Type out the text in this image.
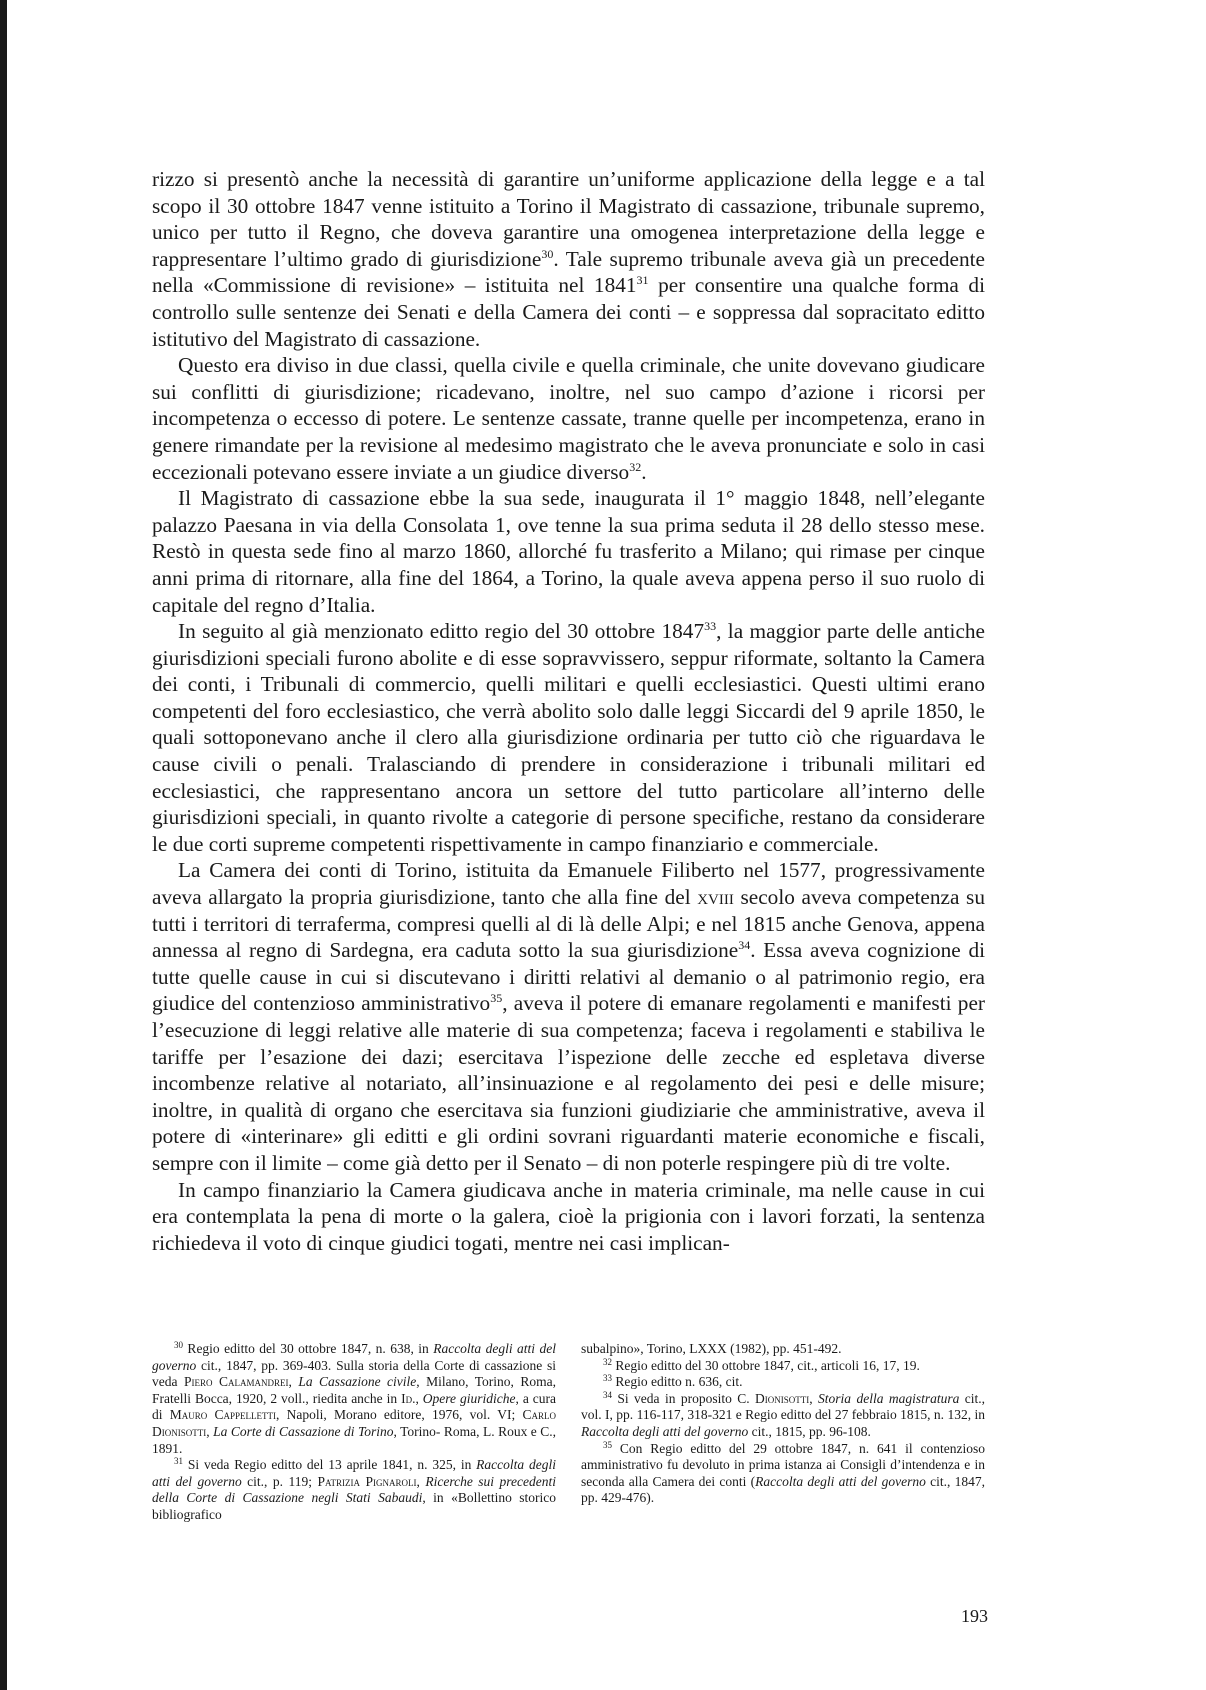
rizzo si presentò anche la necessità di garantire un’uniforme applicazione della legge e a tal scopo il 30 ottobre 1847 venne istituito a Torino il Magistrato di cassazione, tribunale supremo, unico per tutto il Regno, che doveva garantire una omogenea interpretazione della legge e rappresentare l’ultimo grado di giurisdizione$^{30}$. Tale supremo tribunale aveva già un precedente nella «Commissione di revisione» – istituita nel 1841$^{31}$ per consentire una qualche forma di controllo sulle sentenze dei Senati e della Camera dei conti – e soppressa dal sopracitato editto istitutivo del Magistrato di cassazione.

Questo era diviso in due classi, quella civile e quella criminale, che unite dovevano giudicare sui conflitti di giurisdizione; ricadevano, inoltre, nel suo campo d’azione i ricorsi per incompetenza o eccesso di potere. Le sentenze cassate, tranne quelle per incompetenza, erano in genere rimandate per la revisione al medesimo magistrato che le aveva pronunciate e solo in casi eccezionali potevano essere inviate a un giudice diverso$^{32}$.

Il Magistrato di cassazione ebbe la sua sede, inaugurata il 1° maggio 1848, nell’elegante palazzo Paesana in via della Consolata 1, ove tenne la sua prima seduta il 28 dello stesso mese. Restò in questa sede fino al marzo 1860, allorché fu trasferito a Milano; qui rimase per cinque anni prima di ritornare, alla fine del 1864, a Torino, la quale aveva appena perso il suo ruolo di capitale del regno d’Italia.

In seguito al già menzionato editto regio del 30 ottobre 1847$^{33}$, la maggior parte delle antiche giurisdizioni speciali furono abolite e di esse sopravvissero, seppur riformate, soltanto la Camera dei conti, i Tribunali di commercio, quelli militari e quelli ecclesiastici. Questi ultimi erano competenti del foro ecclesiastico, che verrà abolito solo dalle leggi Siccardi del 9 aprile 1850, le quali sottoponevano anche il clero alla giurisdizione ordinaria per tutto ciò che riguardava le cause civili o penali. Tralasciando di prendere in considerazione i tribunali militari ed ecclesiastici, che rappresentano ancora un settore del tutto particolare all’interno delle giurisdizioni speciali, in quanto rivolte a categorie di persone specifiche, restano da considerare le due corti supreme competenti rispettivamente in campo finanziario e commerciale.

La Camera dei conti di Torino, istituita da Emanuele Filiberto nel 1577, progressivamente aveva allargato la propria giurisdizione, tanto che alla fine del xviii secolo aveva competenza su tutti i territori di terraferma, compresi quelli al di là delle Alpi; e nel 1815 anche Genova, appena annessa al regno di Sardegna, era caduta sotto la sua giurisdizione$^{34}$. Essa aveva cognizione di tutte quelle cause in cui si discutevano i diritti relativi al demanio o al patrimonio regio, era giudice del contenzioso amministrativo$^{35}$, aveva il potere di emanare regolamenti e manifesti per l’esecuzione di leggi relative alle materie di sua competenza; faceva i regolamenti e stabiliva le tariffe per l’esazione dei dazi; esercitava l’ispezione delle zecche ed espletava diverse incombenze relative al notariato, all’insinuazione e al regolamento dei pesi e delle misure; inoltre, in qualità di organo che esercitava sia funzioni giudiziarie che amministrative, aveva il potere di «interinare» gli editti e gli ordini sovrani riguardanti materie economiche e fiscali, sempre con il limite – come già detto per il Senato – di non poterle respingere più di tre volte.

In campo finanziario la Camera giudicava anche in materia criminale, ma nelle cause in cui era contemplata la pena di morte o la galera, cioè la prigionia con i lavori forzati, la sentenza richiedeva il voto di cinque giudici togati, mentre nei casi implican-

$^{30}$ Regio editto del 30 ottobre 1847, n. 638, in Raccolta degli atti del governo cit., 1847, pp. 369-403. Sulla storia della Corte di cassazione si veda Piero Calamandrei, La Cassazione civile, Milano, Torino, Roma, Fratelli Bocca, 1920, 2 voll., riedita anche in Id., Opere giuridiche, a cura di Mauro Cappelletti, Napoli, Morano editore, 1976, vol. VI; Carlo Dionisotti, La Corte di Cassazione di Torino, Torino- Roma, L. Roux e C., 1891.

$^{31}$ Si veda Regio editto del 13 aprile 1841, n. 325, in Raccolta degli atti del governo cit., p. 119; Patrizia Pignaroli, Ricerche sui precedenti della Corte di Cassazione negli Stati Sabaudi, in «Bollettino storico bibliografico

subalpino», Torino, LXXX (1982), pp. 451-492.

$^{32}$ Regio editto del 30 ottobre 1847, cit., articoli 16, 17, 19.

$^{33}$ Regio editto n. 636, cit.

$^{34}$ Si veda in proposito C. Dionisotti, Storia della magistratura cit., vol. I, pp. 116-117, 318-321 e Regio editto del 27 febbraio 1815, n. 132, in Raccolta degli atti del governo cit., 1815, pp. 96-108.

$^{35}$ Con Regio editto del 29 ottobre 1847, n. 641 il contenzioso amministrativo fu devoluto in prima istanza ai Consigli d’intendenza e in seconda alla Camera dei conti (Raccolta degli atti del governo cit., 1847, pp. 429-476).

193
